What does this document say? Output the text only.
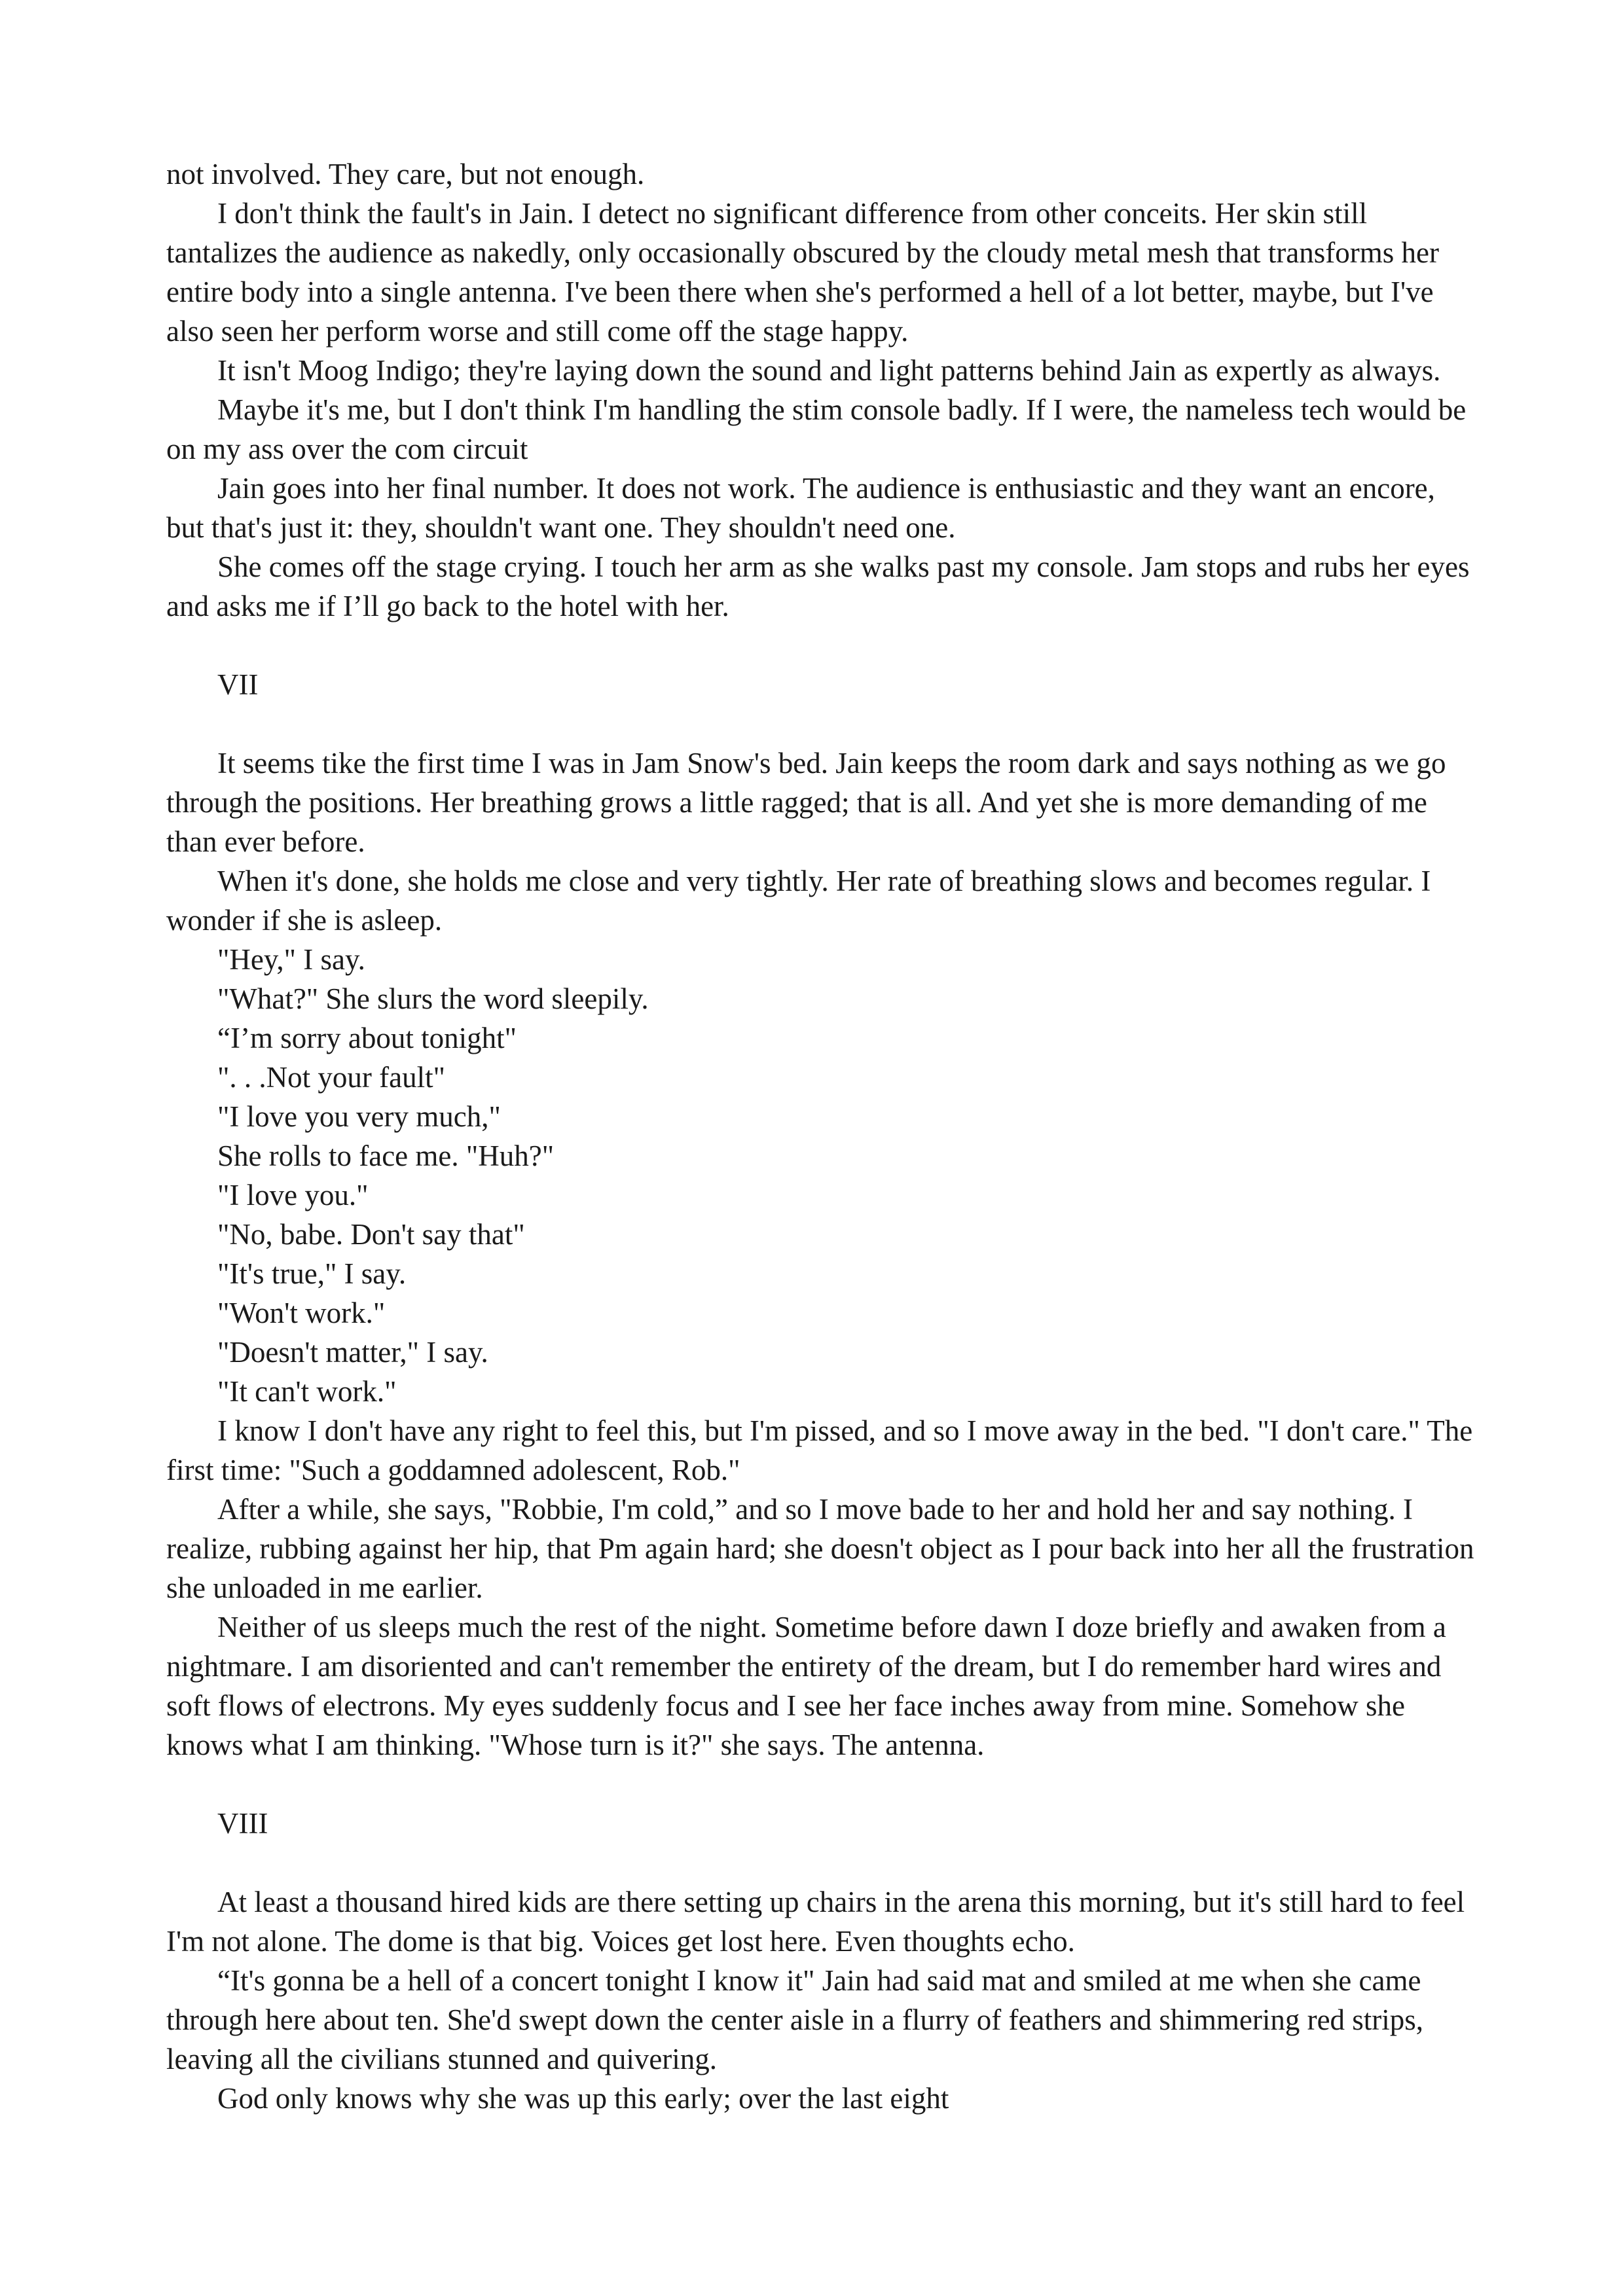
not involved. They care, but not enough.

I don't think the fault's in Jain. I detect no significant difference from other conceits. Her skin still tantalizes the audience as nakedly, only occasionally obscured by the cloudy metal mesh that transforms her entire body into a single antenna. I've been there when she's performed a hell of a lot better, maybe, but I've also seen her perform worse and still come off the stage happy.

It isn't Moog Indigo; they're laying down the sound and light patterns behind Jain as expertly as always.

Maybe it's me, but I don't think I'm handling the stim console badly. If I were, the nameless tech would be on my ass over the com circuit

Jain goes into her final number. It does not work. The audience is enthusiastic and they want an encore, but that's just it: they, shouldn't want one. They shouldn't need one.

She comes off the stage crying. I touch her arm as she walks past my console. Jam stops and rubs her eyes and asks me if I’ll go back to the hotel with her.

VII

It seems tike the first time I was in Jam Snow's bed. Jain keeps the room dark and says nothing as we go through the positions. Her breathing grows a little ragged; that is all. And yet she is more demanding of me than ever before.

When it's done, she holds me close and very tightly. Her rate of breathing slows and becomes regular. I wonder if she is asleep.

"Hey," I say.

"What?" She slurs the word sleepily.

“I’m sorry about tonight"

". . .Not your fault"

"I love you very much,"

She rolls to face me. "Huh?"

"I love you."

"No, babe. Don't say that"

"It's true," I say.

"Won't work."

"Doesn't matter," I say.

"It can't work."

I know I don't have any right to feel this, but I'm pissed, and so I move away in the bed. "I don't care." The first time: "Such a goddamned adolescent, Rob."

After a while, she says, "Robbie, I'm cold,” and so I move bade to her and hold her and say nothing. I realize, rubbing against her hip, that Pm again hard; she doesn't object as I pour back into her all the frustration she unloaded in me earlier.

Neither of us sleeps much the rest of the night. Sometime before dawn I doze briefly and awaken from a nightmare. I am disoriented and can't remember the entirety of the dream, but I do remember hard wires and soft flows of electrons. My eyes suddenly focus and I see her face inches away from mine. Somehow she knows what I am thinking. "Whose turn is it?" she says. The antenna.

VIII

At least a thousand hired kids are there setting up chairs in the arena this morning, but it's still hard to feel I'm not alone. The dome is that big. Voices get lost here. Even thoughts echo.

“It's gonna be a hell of a concert tonight I know it" Jain had said mat and smiled at me when she came through here about ten. She'd swept down the center aisle in a flurry of feathers and shimmering red strips, leaving all the civilians stunned and quivering.

God only knows why she was up this early; over the last eight
